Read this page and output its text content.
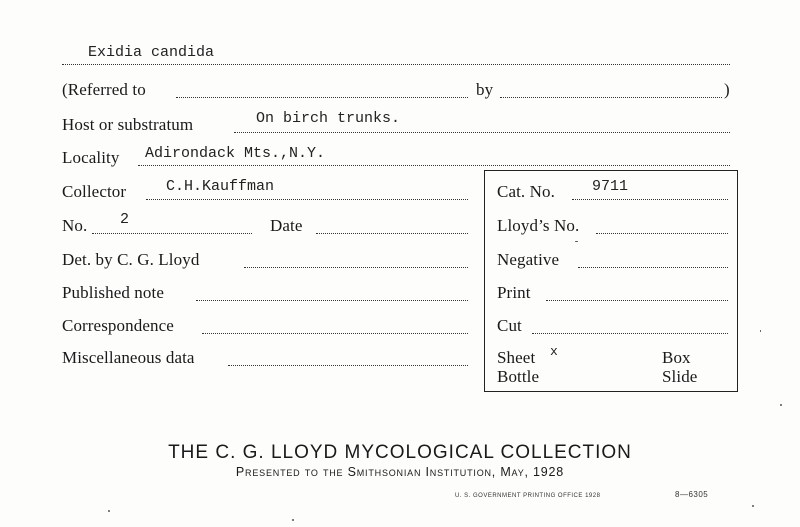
Exidia candida
(Referred to	by	)
Host or substratum	On birch trunks.
Locality Adirondack Mts.,N.Y.
Collector	C.H.Kauffman	Cat. No. 9711
No. 2	Date	Lloyd’s No.
Det. by C. G. Lloyd	Negative
Published note	Print
Correspondence	Cut
Miscellaneous data	Sheet x	Box
Bottle	Slide
THE C. G. LLOYD MYCOLOGICAL COLLECTION
Presented to the Smithsonian Institution, May, 1928
U. S. GOVERNMENT PRINTING OFFICE 1928	8—6305
